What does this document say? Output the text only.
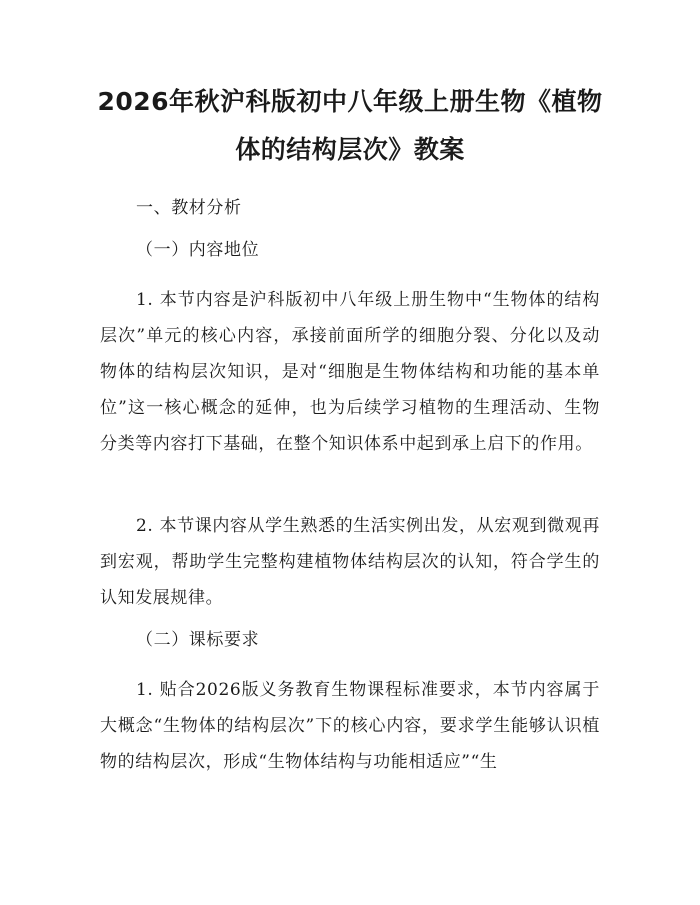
2026年秋沪科版初中八年级上册生物《植物体的结构层次》教案
一、教材分析
（一）内容地位
1. 本节内容是沪科版初中八年级上册生物中“生物体的结构层次”单元的核心内容，承接前面所学的细胞分裂、分化以及动物体的结构层次知识，是对“细胞是生物体结构和功能的基本单位”这一核心概念的延伸，也为后续学习植物的生理活动、生物分类等内容打下基础，在整个知识体系中起到承上启下的作用。
2. 本节课内容从学生熟悉的生活实例出发，从宏观到微观再到宏观，帮助学生完整构建植物体结构层次的认知，符合学生的认知发展规律。
（二）课标要求
1. 贴合2026版义务教育生物课程标准要求，本节内容属于大概念“生物体的结构层次”下的核心内容，要求学生能够认识植物的结构层次，形成“生物体结构与功能相适应”“生
